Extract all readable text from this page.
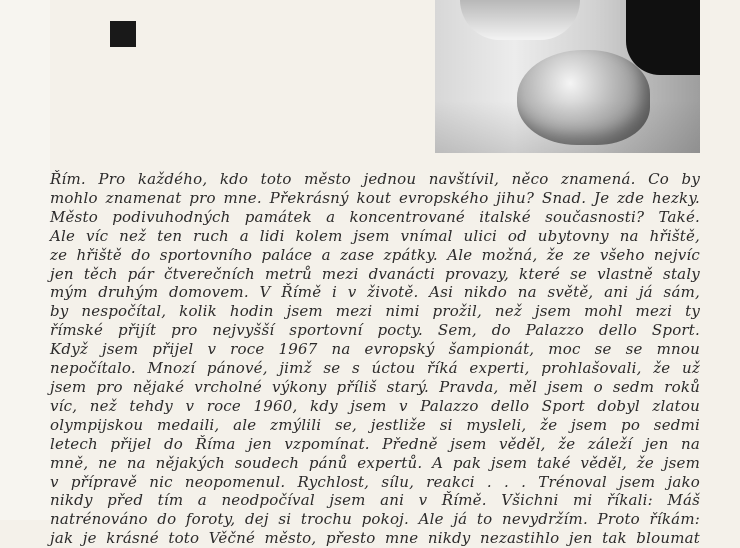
Řím. Pro každého, kdo toto město jednou navštívil, něco znamená. Co by
mohlo znamenat pro mne. Překrásný kout evropského jihu? Snad. Je zde hezky.
Město podivuhodných památek a koncentrované italské současnosti? Také.
Ale víc než ten ruch a lidi kolem jsem vnímal ulici od ubytovny na hřiště,
ze hřiště do sportovního paláce a zase zpátky. Ale možná, že ze všeho nejvíc
jen těch pár čtverečních metrů mezi dvanácti provazy, které se vlastně staly
mým druhým domovem. V Římě i v životě. Asi nikdo na světě, ani já sám,
by nespočítal, kolik hodin jsem mezi nimi prožil, než jsem mohl mezi ty
římské přijít pro nejvyšší sportovní pocty. Sem, do Palazzo dello Sport.
Když jsem přijel v roce 1967 na evropský šampionát, moc se se mnou
nepočítalo. Mnozí pánové, jimž se s úctou říká experti, prohlašovali, že už
jsem pro nějaké vrcholné výkony příliš starý. Pravda, měl jsem o sedm roků
víc, než tehdy v roce 1960, kdy jsem v Palazzo dello Sport dobyl zlatou
olympijskou medaili, ale zmýlili se, jestliže si mysleli, že jsem po sedmi
letech přijel do Říma jen vzpomínat. Předně jsem věděl, že záleží jen na
mně, ne na nějakých soudech pánů expertů. A pak jsem také věděl, že jsem
v přípravě nic neopomenul. Rychlost, sílu, reakci . . . Trénoval jsem jako
nikdy před tím a neodpočíval jsem ani v Římě. Všichni mi říkali: Máš
natrénováno do foroty, dej si trochu pokoj. Ale já to nevydržím. Proto říkám:
jak je krásné toto Věčné město, přesto mne nikdy nezastihlo jen tak bloumat
